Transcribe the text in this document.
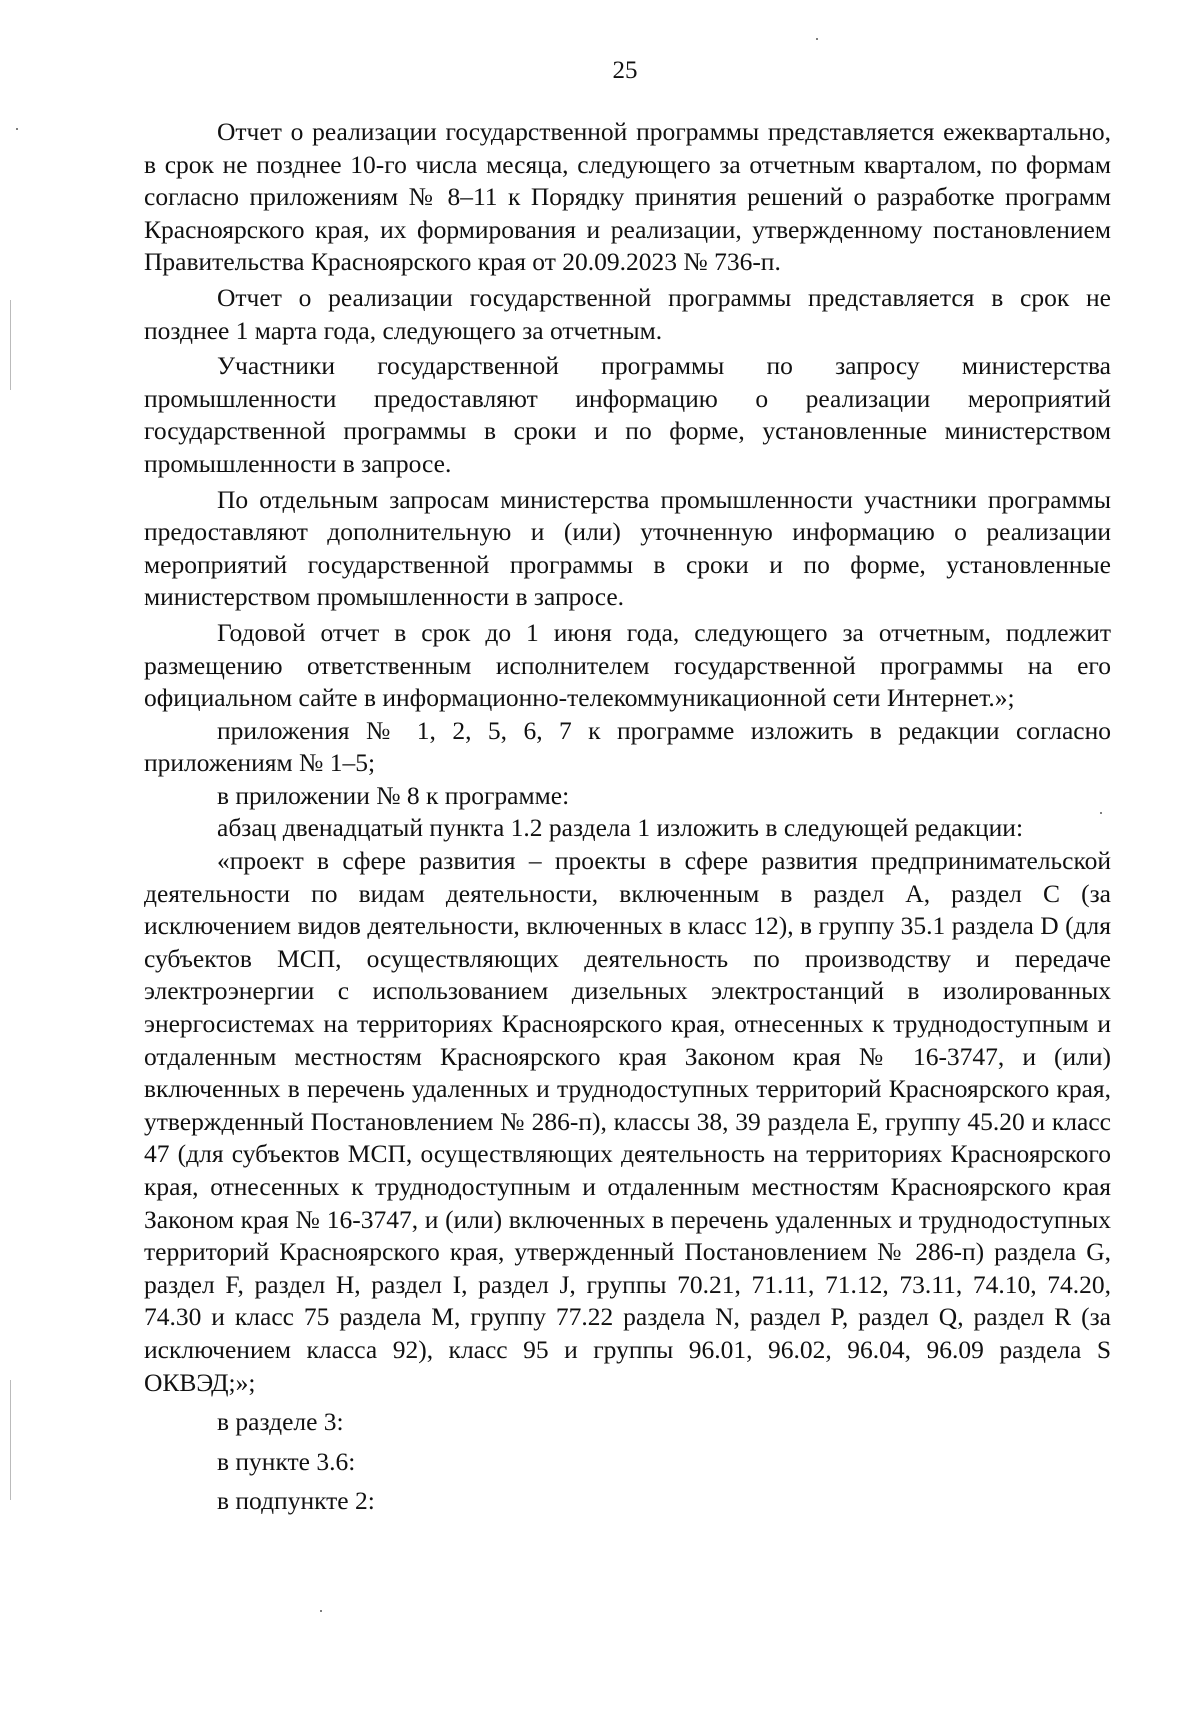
25

Отчет о реализации государственной программы представляется ежеквартально, в срок не позднее 10-го числа месяца, следующего за отчетным кварталом, по формам согласно приложениям № 8–11 к Порядку принятия решений о разработке программ Красноярского края, их формирования и реализации, утвержденному постановлением Правительства Красноярского края от 20.09.2023 № 736-п.

Отчет о реализации государственной программы представляется в срок не позднее 1 марта года, следующего за отчетным.

Участники государственной программы по запросу министерства промышленности предоставляют информацию о реализации мероприятий государственной программы в сроки и по форме, установленные министерством промышленности в запросе.

По отдельным запросам министерства промышленности участники программы предоставляют дополнительную и (или) уточненную информацию о реализации мероприятий государственной программы в сроки и по форме, установленные министерством промышленности в запросе.

Годовой отчет в срок до 1 июня года, следующего за отчетным, подлежит размещению ответственным исполнителем государственной программы на его официальном сайте в информационно-телекоммуникационной сети Интернет.»;

приложения № 1, 2, 5, 6, 7 к программе изложить в редакции согласно приложениям № 1–5;

в приложении № 8 к программе:

абзац двенадцатый пункта 1.2 раздела 1 изложить в следующей редакции:

«проект в сфере развития – проекты в сфере развития предпринимательской деятельности по видам деятельности, включенным в раздел A, раздел C (за исключением видов деятельности, включенных в класс 12), в группу 35.1 раздела D (для субъектов МСП, осуществляющих деятельность по производству и передаче электроэнергии с использованием дизельных электростанций в изолированных энергосистемах на территориях Красноярского края, отнесенных к труднодоступным и отдаленным местностям Красноярского края Законом края № 16-3747, и (или) включенных в перечень удаленных и труднодоступных территорий Красноярского края, утвержденный Постановлением № 286-п), классы 38, 39 раздела E, группу 45.20 и класс 47 (для субъектов МСП, осуществляющих деятельность на территориях Красноярского края, отнесенных к труднодоступным и отдаленным местностям Красноярского края Законом края № 16-3747, и (или) включенных в перечень удаленных и труднодоступных территорий Красноярского края, утвержденный Постановлением № 286-п) раздела G, раздел F, раздел H, раздел I, раздел J, группы 70.21, 71.11, 71.12, 73.11, 74.10, 74.20, 74.30 и класс 75 раздела M, группу 77.22 раздела N, раздел P, раздел Q, раздел R (за исключением класса 92), класс 95 и группы 96.01, 96.02, 96.04, 96.09 раздела S ОКВЭД;»;

в разделе 3:

в пункте 3.6:

в подпункте 2:
